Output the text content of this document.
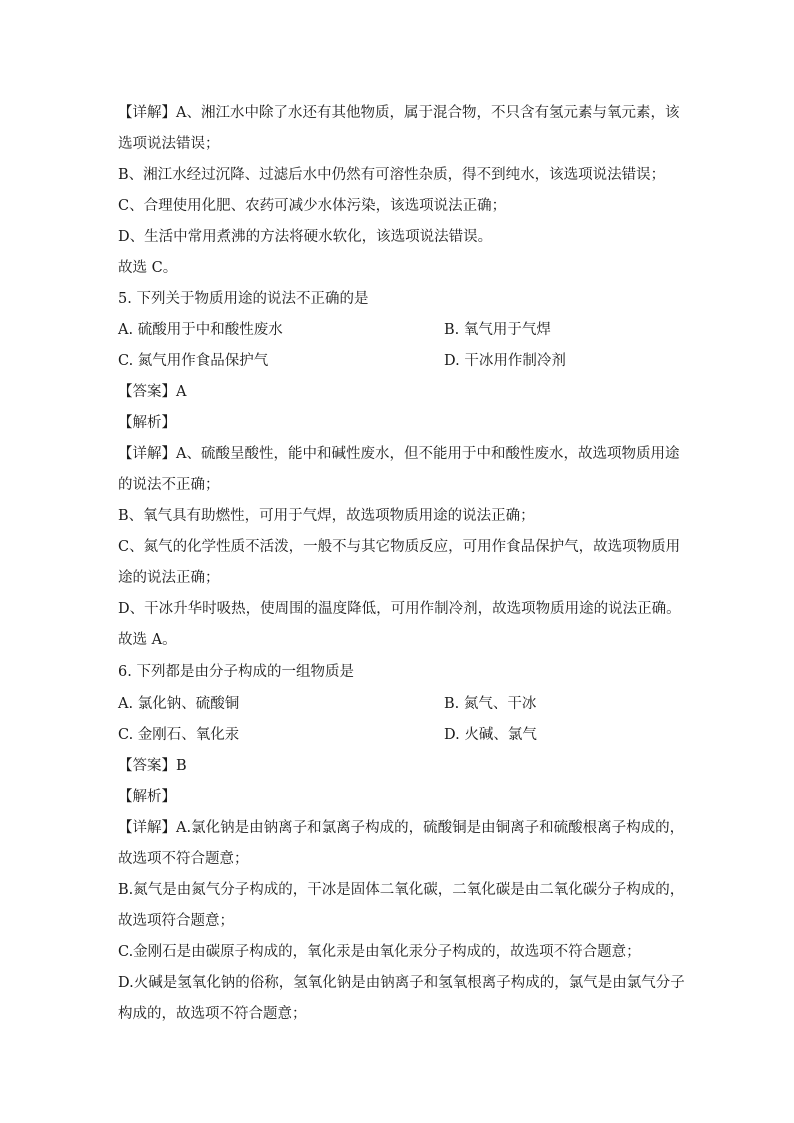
【详解】A、湘江水中除了水还有其他物质，属于混合物，不只含有氢元素与氧元素，该
选项说法错误；
B、湘江水经过沉降、过滤后水中仍然有可溶性杂质，得不到纯水，该选项说法错误；
C、合理使用化肥、农药可减少水体污染，该选项说法正确；
D、生活中常用煮沸的方法将硬水软化，该选项说法错误。
故选 C。
5. 下列关于物质用途的说法不正确的是
A. 硫酸用于中和酸性废水	B. 氧气用于气焊
C. 氮气用作食品保护气	D. 干冰用作制冷剂
【答案】A
【解析】
【详解】A、硫酸呈酸性，能中和碱性废水，但不能用于中和酸性废水，故选项物质用途
的说法不正确；
B、氧气具有助燃性，可用于气焊，故选项物质用途的说法正确；
C、氮气的化学性质不活泼，一般不与其它物质反应，可用作食品保护气，故选项物质用
途的说法正确；
D、干冰升华时吸热，使周围的温度降低，可用作制冷剂，故选项物质用途的说法正确。
故选 A。
6. 下列都是由分子构成的一组物质是
A. 氯化钠、硫酸铜	B. 氮气、干冰
C. 金刚石、氧化汞	D. 火碱、氯气
【答案】B
【解析】
【详解】A.氯化钠是由钠离子和氯离子构成的，硫酸铜是由铜离子和硫酸根离子构成的，
故选项不符合题意；
B.氮气是由氮气分子构成的，干冰是固体二氧化碳，二氧化碳是由二氧化碳分子构成的，
故选项符合题意；
C.金刚石是由碳原子构成的，氧化汞是由氧化汞分子构成的，故选项不符合题意；
D.火碱是氢氧化钠的俗称，氢氧化钠是由钠离子和氢氧根离子构成的，氯气是由氯气分子
构成的，故选项不符合题意；
